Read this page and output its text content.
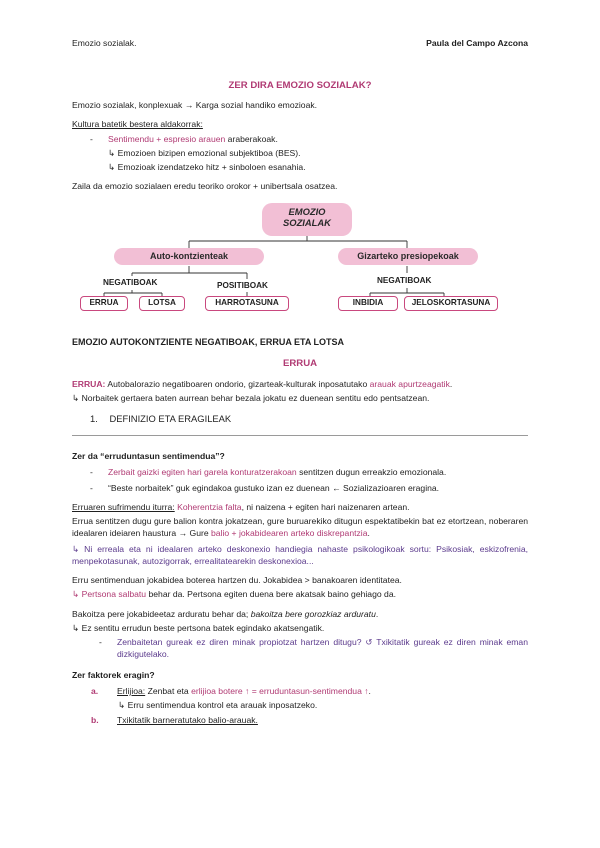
Emozio sozialak.	Paula del Campo Azcona
ZER DIRA EMOZIO SOZIALAK?
Emozio sozialak, konplexuak → Karga sozial handiko emozioak.
Kultura batetik bestera aldakorrak:
- Sentimendu + espresio arauen araberakoak.
↳ Emozioen bizipen emozional subjektiboa (BES).
↳ Emozioak izendatzeko hitz + sinboloen esanahia.
Zaila da emozio sozialaen eredu teoriko orokor + unibertsala osatzea.
EMOZIO
SOZIALAK
Auto-kontzienteak	Gizarteko presiopekoak
NEGATIBOAK	POSITIBOAK
NEGATIBOAK
ERRUA	LOTSA	HARROTASUNA	INBIDIA	JELOSKORTASUNA
EMOZIO AUTOKONTZIENTE NEGATIBOAK, ERRUA ETA LOTSA
ERRUA
ERRUA: Autobalorazio negatiboaren ondorio, gizarteak-kulturak inposatutako arauak apurtzeagatik.
↳ Norbaitek gertaera baten aurrean behar bezala jokatu ez duenean sentitu edo pentsatzean.
1. DEFINIZIO ETA ERAGILEAK
Zer da “erruduntasun sentimendua”?
- Zerbait gaizki egiten hari garela konturatzerakoan sentitzen dugun erreakzio emozionala.
- “Beste norbaitek” guk egindakoa gustuko izan ez duenean ← Sozializazioaren eragina.
Erruaren sufrimendu iturra: Koherentzia falta, ni naizena + egiten hari naizenaren artean.
Errua sentitzen dugu gure balion kontra jokatzean, gure buruarekiko ditugun espektatibekin bat ez etortzean, noberaren idealaren ideiaren haustura → Gure balio + jokabidearen arteko diskrepantzia.
↳ Ni erreala eta ni idealaren arteko deskonexio handiegia nahaste psikologikoak sortu: Psikosiak, eskizofrenia, menpekotasunak, autozigorrak, errealitatearekin deskonexioa...
Erru sentimenduan jokabidea boterea hartzen du. Jokabidea > banakoaren identitatea.
↳ Pertsona salbatu behar da. Pertsona egiten duena bere akatsak baino gehiago da.
Bakoitza pere jokabideetaz arduratu behar da; bakoitza bere gorozkiaz arduratu.
↳ Ez sentitu errudun beste pertsona batek egindako akatsengatik.
- Zenbaitetan gureak ez diren minak propiotzat hartzen ditugu? ↺ Txikitatik gureak ez diren minak eman dizkigutelako.
Zer faktorek eragin?
a. Erlijioa: Zenbat eta erlijioa botere ↑ = erruduntasun-sentimendua ↑.
↳ Erru sentimendua kontrol eta arauak inposatzeko.
b. Txikitatik barneratutako balio-arauak.
